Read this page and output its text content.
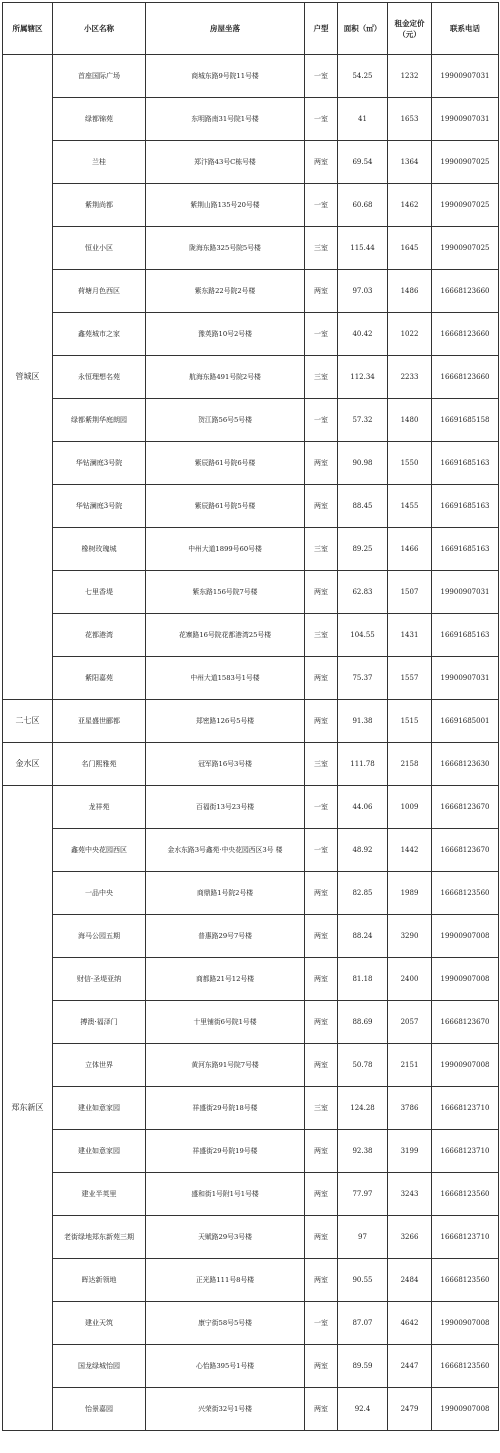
所属辖区	小区名称	房屋坐落	户型	面积（㎡）	租金定价（元）	联系电话
管城区	首座国际广场	商城东路9号院11号楼	一室	54.25	1232	19900907031
	绿都锦苑	东明路南31号院1号楼	一室	41	1653	19900907031
	兰桂	郑汴路43号C栋号楼	两室	69.54	1364	19900907025
	紫荆尚都	紫荆山路135号20号楼	一室	60.68	1462	19900907025
	恒业小区	陇海东路325号院5号楼	三室	115.44	1645	19900907025
	荷塘月色西区	紫东路22号院2号楼	两室	97.03	1486	16668123660
	鑫苑城市之家	豫英路10号2号楼	一室	40.42	1022	16668123660
	永恒理想名苑	航海东路491号院2号楼	三室	112.34	2233	16668123660
	绿都紫荆华庭朗园	贺江路56号5号楼	一室	57.32	1480	16691685158
	华钻澜庭3号院	紫辰路61号院6号楼	两室	90.98	1550	16691685163
	华钻澜庭3号院	紫辰路61号院5号楼	两室	88.45	1455	16691685163
	橡树玫瑰城	中州大道1899号60号楼	三室	89.25	1466	16691685163
	七里香堤	紫东路156号院7号楼	两室	62.83	1507	19900907031
	花都港湾	花寨路16号院花都港湾25号楼	三室	104.55	1431	16691685163
	紫阳嘉苑	中州大道1583号1号楼	两室	75.37	1557	19900907031
二七区	亚星盛世郦都	郑密路126号5号楼	两室	91.38	1515	16691685001
金水区	名门熙雅苑	冠军路16号3号楼	三室	111.78	2158	16668123630
郑东新区	龙祥苑	百福街13号23号楼	一室	44.06	1009	16668123670
	鑫苑中央花园西区	金水东路3号鑫苑·中央花园西区3号 楼	一室	48.92	1442	16668123670
	一品中央	商鼎路1号院2号楼	两室	82.85	1989	16668123560
	海马公园五期	普惠路29号7号楼	两室	88.24	3290	19900907008
	财信·圣堤亚纳	商都路21号12号楼	两室	81.18	2400	19900907008
	搏澳·福泽门	十里铺街6号院1号楼	两室	88.69	2057	16668123670
	立体世界	黄河东路91号院7号楼	两室	50.78	2151	19900907008
	建业如意家园	祥盛街29号院18号楼	三室	124.28	3786	16668123710
	建业如意家园	祥盛街29号院19号楼	两室	92.38	3199	16668123710
	建业半英里	盛和街1号附1号1号楼	两室	77.97	3243	16668123560
	老街绿地郑东新苑三期	天赋路29号3号楼	两室	97	3266	16668123710
	晖达新领地	正光路111号8号楼	两室	90.55	2484	16668123560
	建业天筑	康宁街58号5号楼	一室	87.07	4642	19900907008
	国龙绿城怡园	心怡路395号1号楼	两室	89.59	2447	16668123560
	怡景嘉园	兴荣街32号1号楼	两室	92.4	2479	19900907008
